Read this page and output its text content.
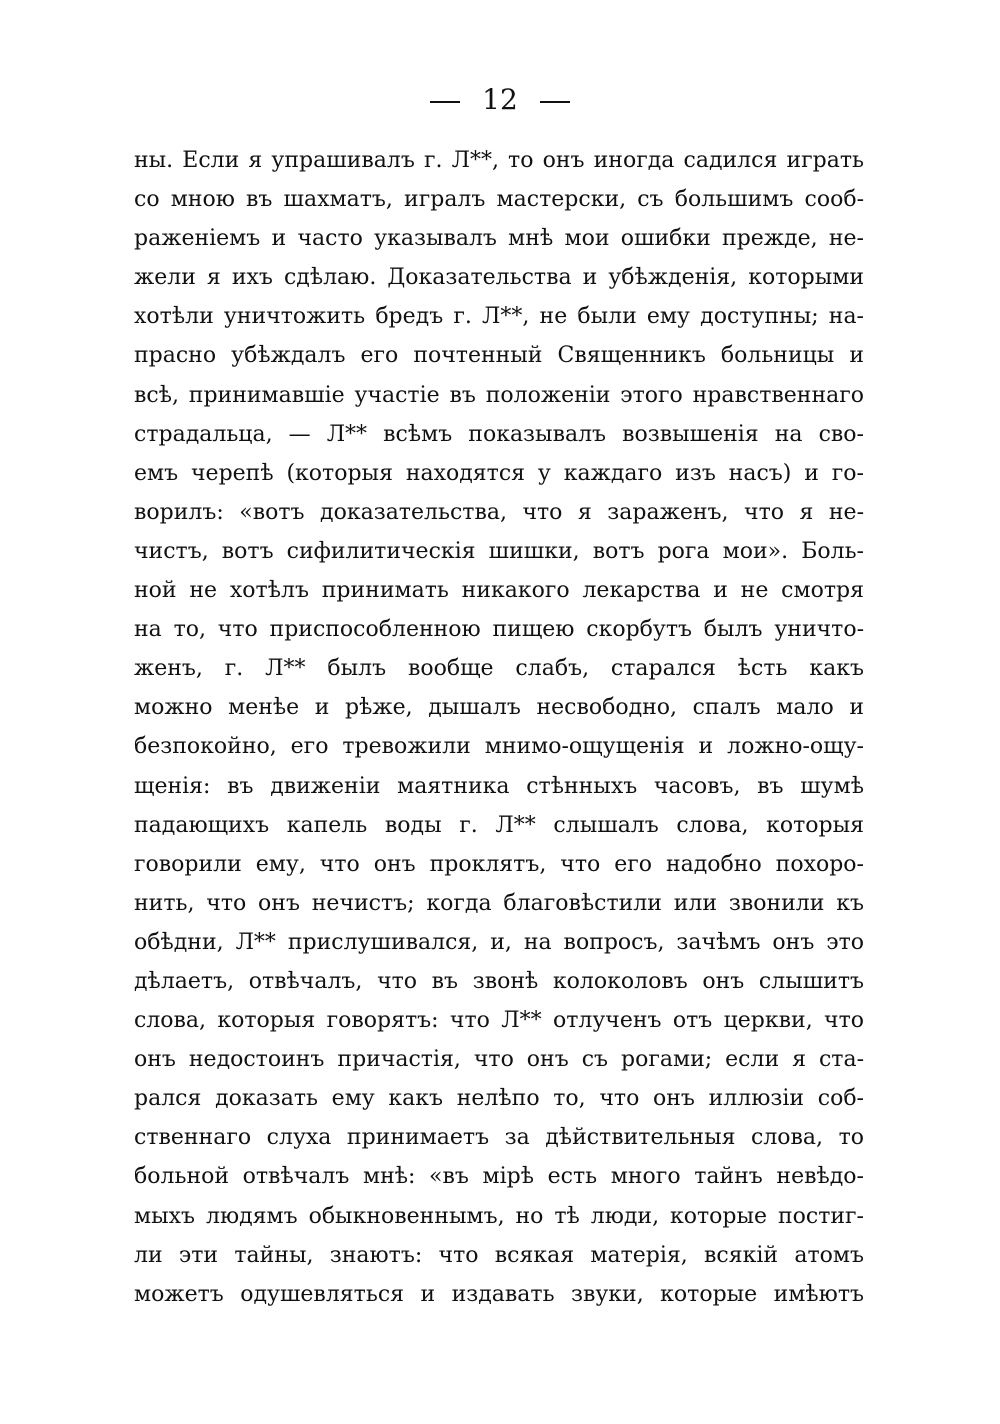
12
ны. Если я упрашивалъ г. Л**, то онъ иногда садился играть
со мною въ шахматъ, игралъ мастерски, съ большимъ сооб-
раженіемъ и часто указывалъ мнѣ мои ошибки прежде, не-
жели я ихъ сдѣлаю. Доказательства и убѣжденія, которыми
хотѣли уничтожить бредъ г. Л**, не были ему доступны; на-
прасно убѣждалъ его почтенный Священникъ больницы и
всѣ, принимавшіе участіе въ положеніи этого нравственнаго
страдальца, — Л** всѣмъ показывалъ возвышенія на сво-
емъ черепѣ (которыя находятся у каждаго изъ насъ) и го-
ворилъ: «вотъ доказательства, что я зараженъ, что я не-
чистъ, вотъ сифилитическія шишки, вотъ рога мои». Боль-
ной не хотѣлъ принимать никакого лекарства и не смотря
на то, что приспособленною пищею скорбутъ былъ уничто-
женъ, г. Л** былъ вообще слабъ, старался ѣсть какъ
можно менѣе и рѣже, дышалъ несвободно, спалъ мало и
безпокойно, его тревожили мнимо-ощущенія и ложно-ощу-
щенія: въ движеніи маятника стѣнныхъ часовъ, въ шумѣ
падающихъ капель воды г. Л** слышалъ слова, которыя
говорили ему, что онъ проклятъ, что его надобно похоро-
нить, что онъ нечистъ; когда благовѣстили или звонили къ
обѣдни, Л** прислушивался, и, на вопросъ, зачѣмъ онъ это
дѣлаетъ, отвѣчалъ, что въ звонѣ колоколовъ онъ слышитъ
слова, которыя говорятъ: что Л** отлученъ отъ церкви, что
онъ недостоинъ причастія, что онъ съ рогами; если я ста-
рался доказать ему какъ нелѣпо то, что онъ иллюзіи соб-
ственнаго слуха принимаетъ за дѣйствительныя слова, то
больной отвѣчалъ мнѣ: «въ мірѣ есть много тайнъ невѣдо-
мыхъ людямъ обыкновеннымъ, но тѣ люди, которые постиг-
ли эти тайны, знаютъ: что всякая матерія, всякій атомъ
можетъ одушевляться и издавать звуки, которые имѣютъ
